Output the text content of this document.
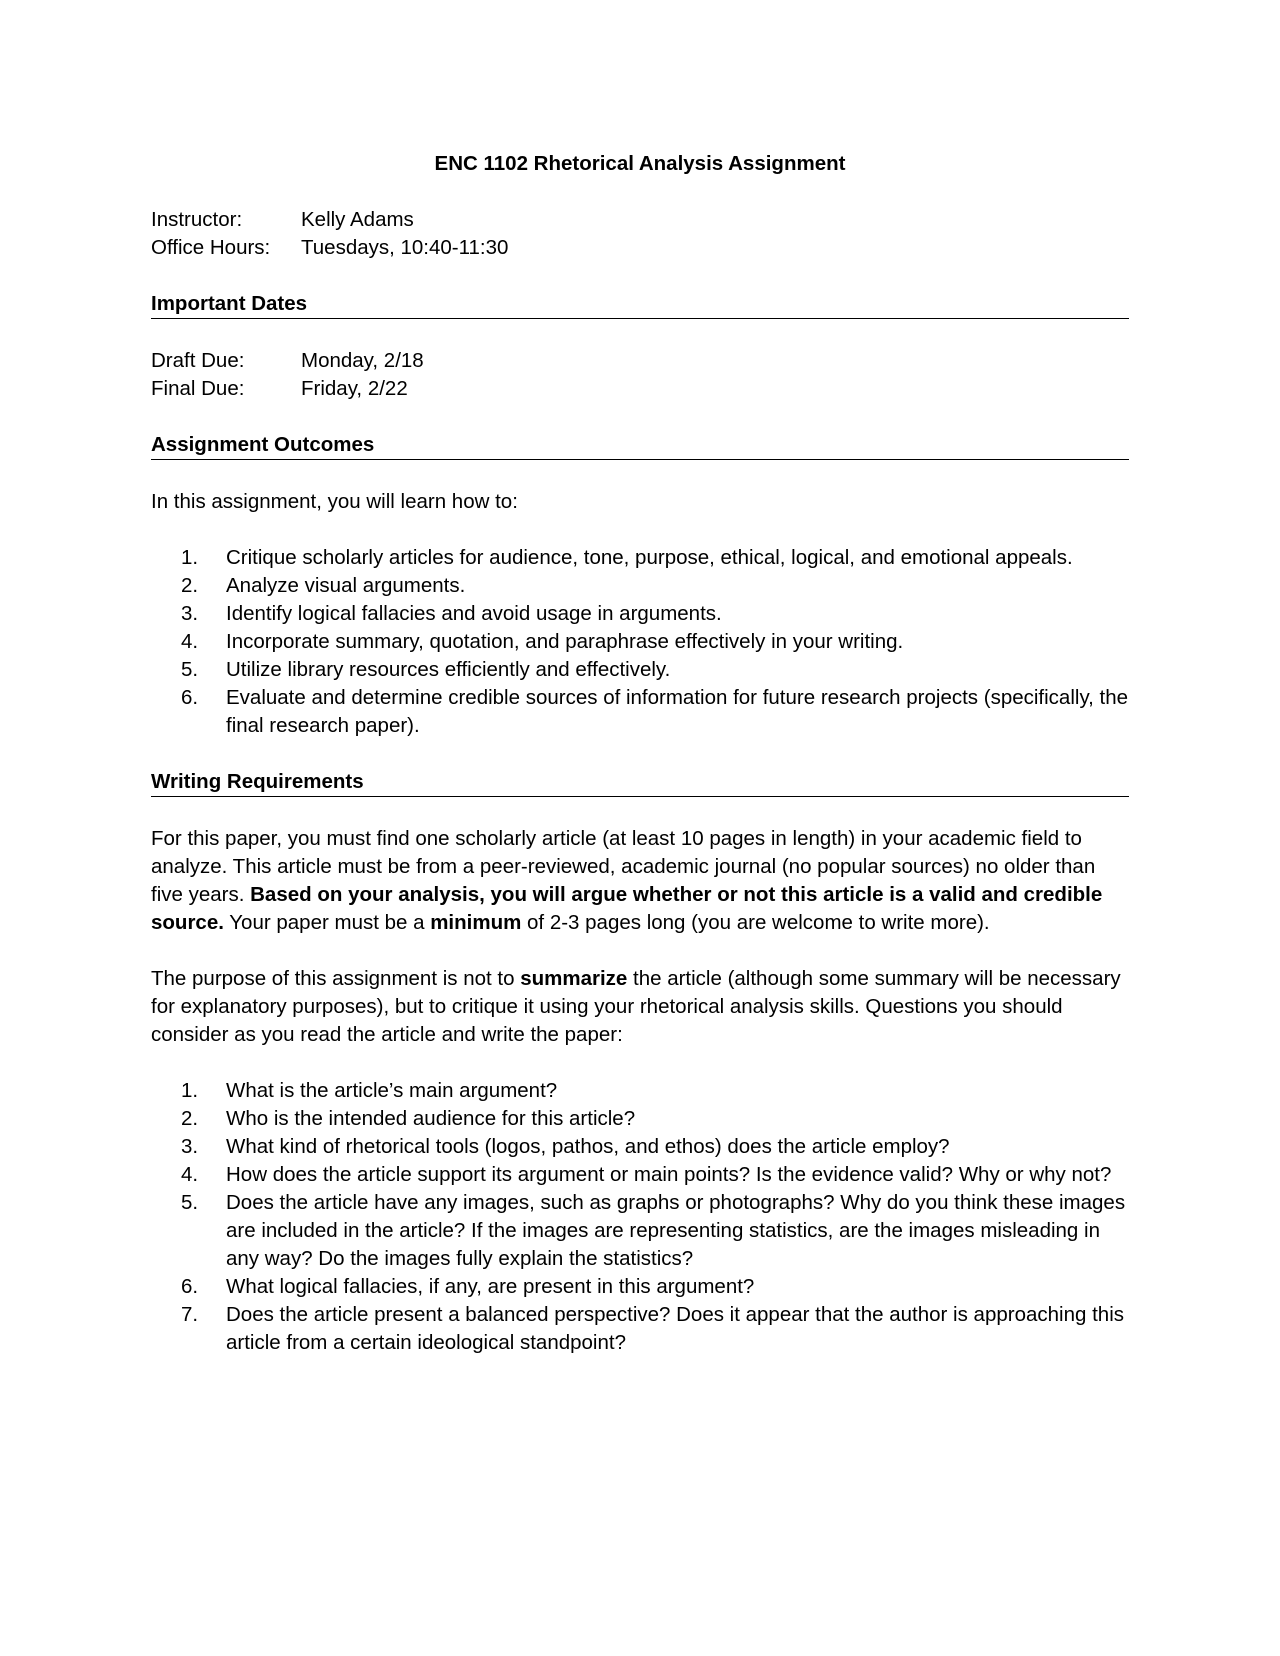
ENC 1102 Rhetorical Analysis Assignment
Instructor:	Kelly Adams
Office Hours:	Tuesdays, 10:40-11:30
Important Dates
Draft Due:	Monday, 2/18
Final Due:	Friday, 2/22
Assignment Outcomes

In this assignment, you will learn how to:

1.	Critique scholarly articles for audience, tone, purpose, ethical, logical, and emotional appeals.
2.	Analyze visual arguments.
3.	Identify logical fallacies and avoid usage in arguments.
4.	Incorporate summary, quotation, and paraphrase effectively in your writing.
5.	Utilize library resources efficiently and effectively.
6.	Evaluate and determine credible sources of information for future research projects (specifically, the final research paper).
Writing Requirements

For this paper, you must find one scholarly article (at least 10 pages in length) in your academic field to analyze. This article must be from a peer-reviewed, academic journal (no popular sources) no older than five years. Based on your analysis, you will argue whether or not this article is a valid and credible source. Your paper must be a minimum of 2-3 pages long (you are welcome to write more).

The purpose of this assignment is not to summarize the article (although some summary will be necessary for explanatory purposes), but to critique it using your rhetorical analysis skills. Questions you should consider as you read the article and write the paper:

1.	What is the article’s main argument?
2.	Who is the intended audience for this article?
3.	What kind of rhetorical tools (logos, pathos, and ethos) does the article employ?
4.	How does the article support its argument or main points? Is the evidence valid? Why or why not?
5.	Does the article have any images, such as graphs or photographs? Why do you think these images are included in the article? If the images are representing statistics, are the images misleading in any way? Do the images fully explain the statistics?
6.	What logical fallacies, if any, are present in this argument?
7.	Does the article present a balanced perspective? Does it appear that the author is approaching this article from a certain ideological standpoint?
